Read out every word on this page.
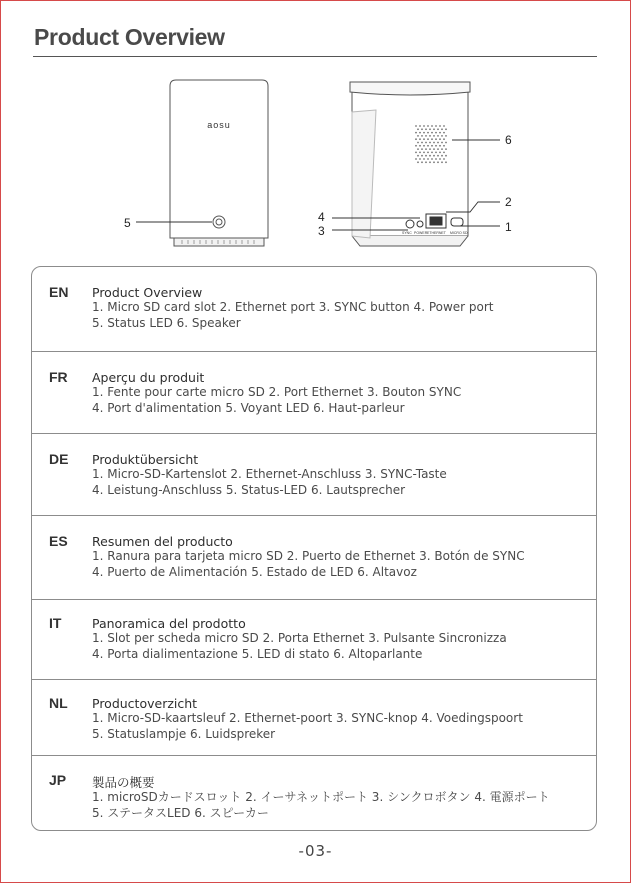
Product Overview
aosu
SYNC POWER ETHERNET MICRO SD	1
2
3
4
5
6
EN Product Overview
1. Micro SD card slot 2. Ethernet port 3. SYNC button 4. Power port
5. Status LED 6. Speaker
FR Aperçu du produit
1. Fente pour carte micro SD 2. Port Ethernet 3. Bouton SYNC
4. Port d'alimentation 5. Voyant LED 6. Haut-parleur
DE Produktübersicht
1. Micro-SD-Kartenslot 2. Ethernet-Anschluss 3. SYNC-Taste
4. Leistung-Anschluss 5. Status-LED 6. Lautsprecher
ES Resumen del producto
1. Ranura para tarjeta micro SD 2. Puerto de Ethernet 3. Botón de SYNC
4. Puerto de Alimentación 5. Estado de LED 6. Altavoz
IT Panoramica del prodotto
1. Slot per scheda micro SD 2. Porta Ethernet 3. Pulsante Sincronizza
4. Porta dialimentazione 5. LED di stato 6. Altoparlante
NL Productoverzicht
1. Micro-SD-kaartsleuf 2. Ethernet-poort 3. SYNC-knop 4. Voedingspoort
5. Statuslampje 6. Luidspreker
JP 製品の概要
1. microSDカードスロット 2. イーサネットポート 3. シンクロボタン 4. 電源ポート
5. ステータスLED 6. スピーカー
-03-
